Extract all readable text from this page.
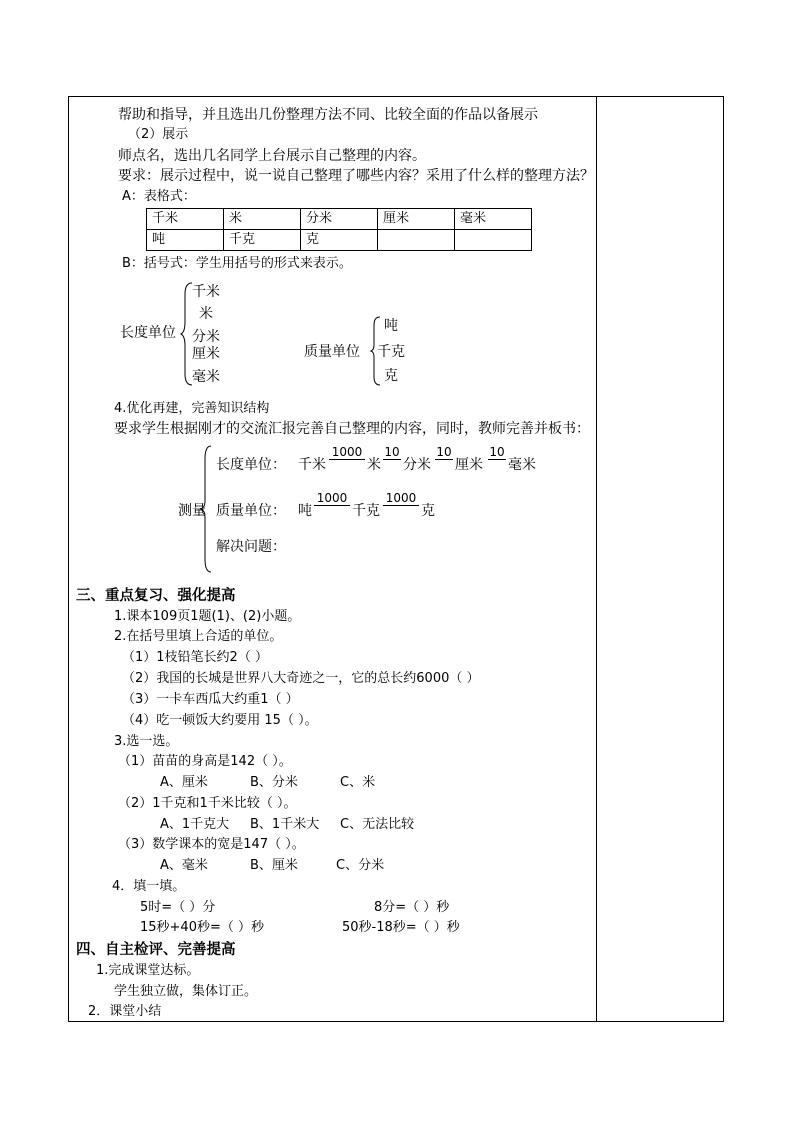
帮助和指导，并且选出几份整理方法不同、比较全面的作品以备展示
（2）展示
师点名，选出几名同学上台展示自己整理的内容。
要求：展示过程中，说一说自己整理了哪些内容？采用了什么样的整理方法？
A：表格式：
千米	米	分米	厘米	毫米
吨	千克	克		
B：括号式：学生用括号的形式来表示。
长度单位
千米
米
分米
厘米
毫米
质量单位
吨
千克
克
4.优化再建，完善知识结构
要求学生根据刚才的交流汇报完善自己整理的内容，同时，教师完善并板书：
测量
长度单位： 千米
1000
米
10
分米
10
厘米
10
毫米
质量单位： 吨
1000
千克
1000
克
解决问题：
三、重点复习、强化提高
1.课本109页1题(1)、(2)小题。
2.在括号里填上合适的单位。
（1）1枝铅笔长约2（ ）
（2）我国的长城是世界八大奇迹之一，它的总长约6000（ ）
（3）一卡车西瓜大约重1（ ）
（4）吃一顿饭大约要用 15（ ）。
3.选一选。
（1）苗苗的身高是142（ ）。
A、厘米	B、分米	C、米
（2）1千克和1千米比较（ ）。
A、1千克大 B、1千米大 C、无法比较
（3）数学课本的宽是147（ ）。
A、毫米	B、厘米	C、分米
4．填一填。
5时=（ ）分	8分=（ ）秒
15秒+40秒=（ ）秒	50秒-18秒=（ ）秒
四、自主检评、完善提高
1.完成课堂达标。
学生独立做，集体订正。
2．课堂小结
